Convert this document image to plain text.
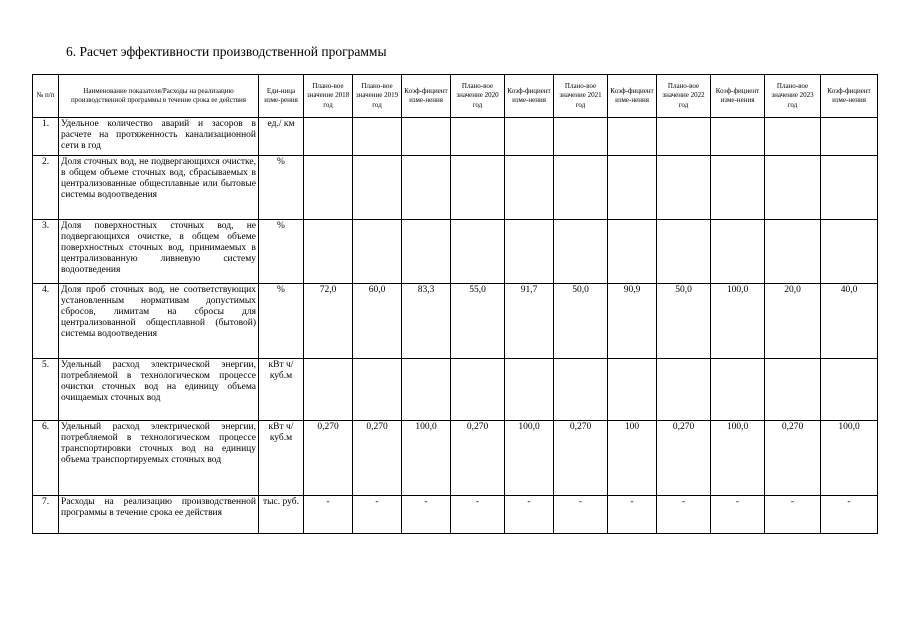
6. Расчет эффективности производственной программы
№ п/п	Наименование показателя/Расходы на реализацию производственной программы в течение срока ее действия	Еди-ница изме-рения	Плано-вое значение 2018 год	Плано-вое значение 2019 год	Коэф-фициент изме-нения	Плано-вое значение 2020 год	Коэф-фициент изме-нения	Плано-вое значение 2021 год	Коэф-фициент изме-нения	Плано-вое значение 2022 год	Коэф-фициент изме-нения	Плано-вое значение 2023 год	Коэф-фициент изме-нения
1.	Удельное количество аварий и засоров в расчете на протяженность канализационной сети в год	ед./ км											
2.	Доля сточных вод, не подвергающихся очистке, в общем объеме сточных вод, сбрасываемых в централизованные общесплавные или бытовые системы водоотведения	%											
3.	Доля поверхностных сточных вод, не подвергающихся очистке, в общем объеме поверхностных сточных вод, принимаемых в централизованную ливневую систему водоотведения	%											
4.	Доля проб сточных вод, не соответствующих установленным нормативам допустимых сбросов, лимитам на сбросы для централизованной общесплавной (бытовой) системы водоотведения	%	72,0	60,0	83,3	55,0	91,7	50,0	90,9	50,0	100,0	20,0	40,0
5.	Удельный расход электрической энергии, потребляемой в технологическом процессе очистки сточных вод на единицу объема очищаемых сточных вод	кВт ч/куб.м											
6.	Удельный расход электрической энергии, потребляемой в технологическом процессе транспортировки сточных вод на единицу объема транспортируемых сточных вод	кВт ч/куб.м	0,270	0,270	100,0	0,270	100,0	0,270	100	0,270	100,0	0,270	100,0
7.	Расходы на реализацию производственной программы в течение срока ее действия	тыс. руб.	-	-	-	-	-	-	-	-	-	-	-
